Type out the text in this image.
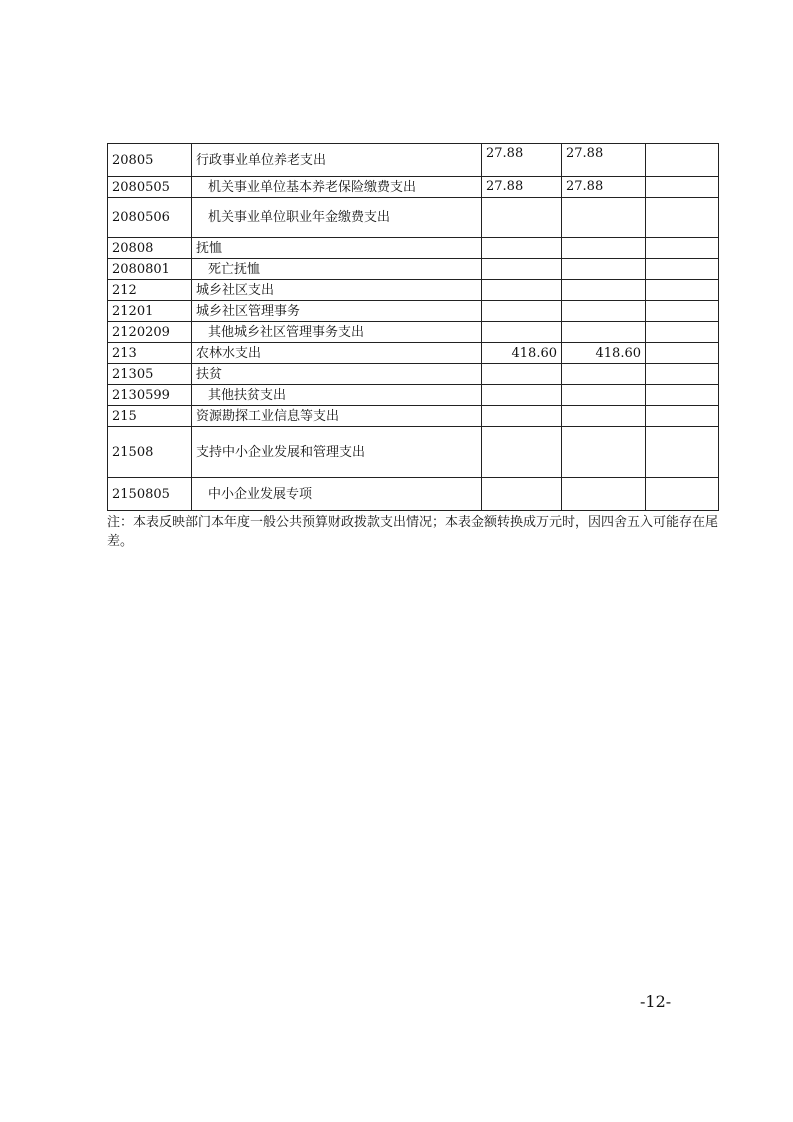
20805	行政事业单位养老支出	27.88	27.88	
2080505	机关事业单位基本养老保险缴费支出	27.88	27.88	
2080506	机关事业单位职业年金缴费支出			
20808	抚恤			
2080801	死亡抚恤			
212	城乡社区支出			
21201	城乡社区管理事务			
2120209	其他城乡社区管理事务支出			
213	农林水支出	418.60	418.60	
21305	扶贫			
2130599	其他扶贫支出			
215	资源勘探工业信息等支出			
21508	支持中小企业发展和管理支出			
2150805	中小企业发展专项			
注：本表反映部门本年度一般公共预算财政拨款支出情况；本表金额转换成万元时，因四舍五入可能存在尾差。
-12-
